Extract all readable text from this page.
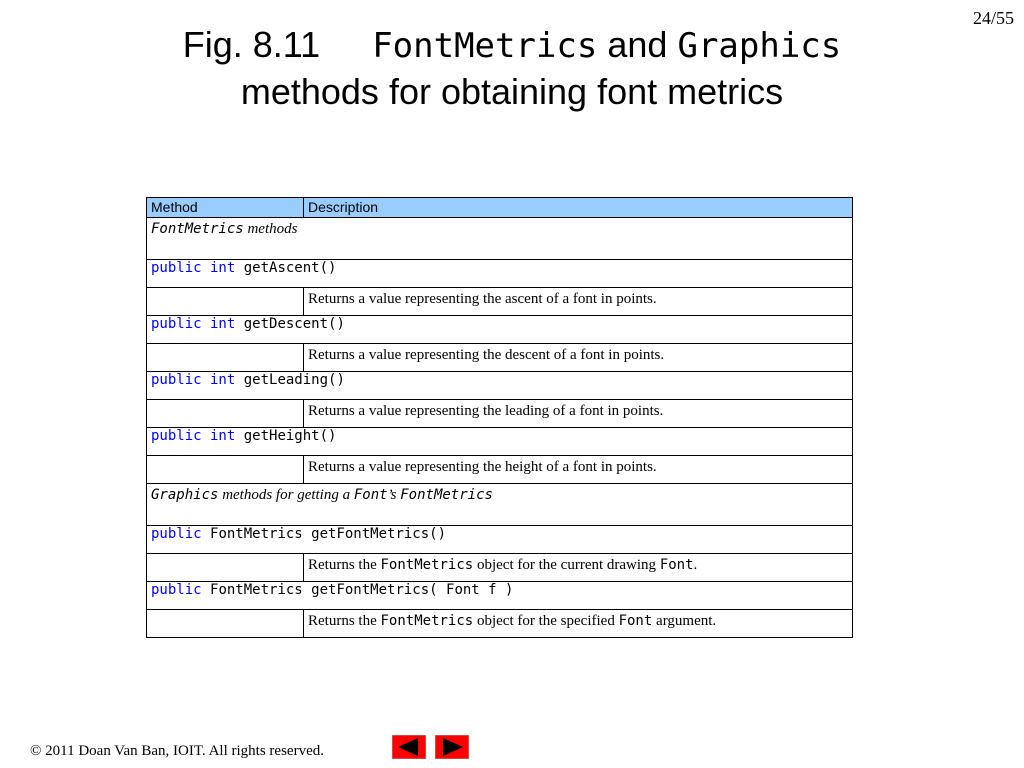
24/55
Fig. 8.11 FontMetrics and Graphics
methods for obtaining font metrics
Method	Description
FontMetrics methods	
public int getAscent()	
	Returns a value representing the ascent of a font in points.
public int getDescent()	
	Returns a value representing the descent of a font in points.
public int getLeading()	
	Returns a value representing the leading of a font in points.
public int getHeight()	
	Returns a value representing the height of a font in points.
Graphics methods for getting a Font’s FontMetrics	
public FontMetrics getFontMetrics()	
	Returns the FontMetrics object for the current drawing Font.
public FontMetrics getFontMetrics( Font f )	
	Returns the FontMetrics object for the specified Font argument.
© 2011 Doan Van Ban, IOIT. All rights reserved.
